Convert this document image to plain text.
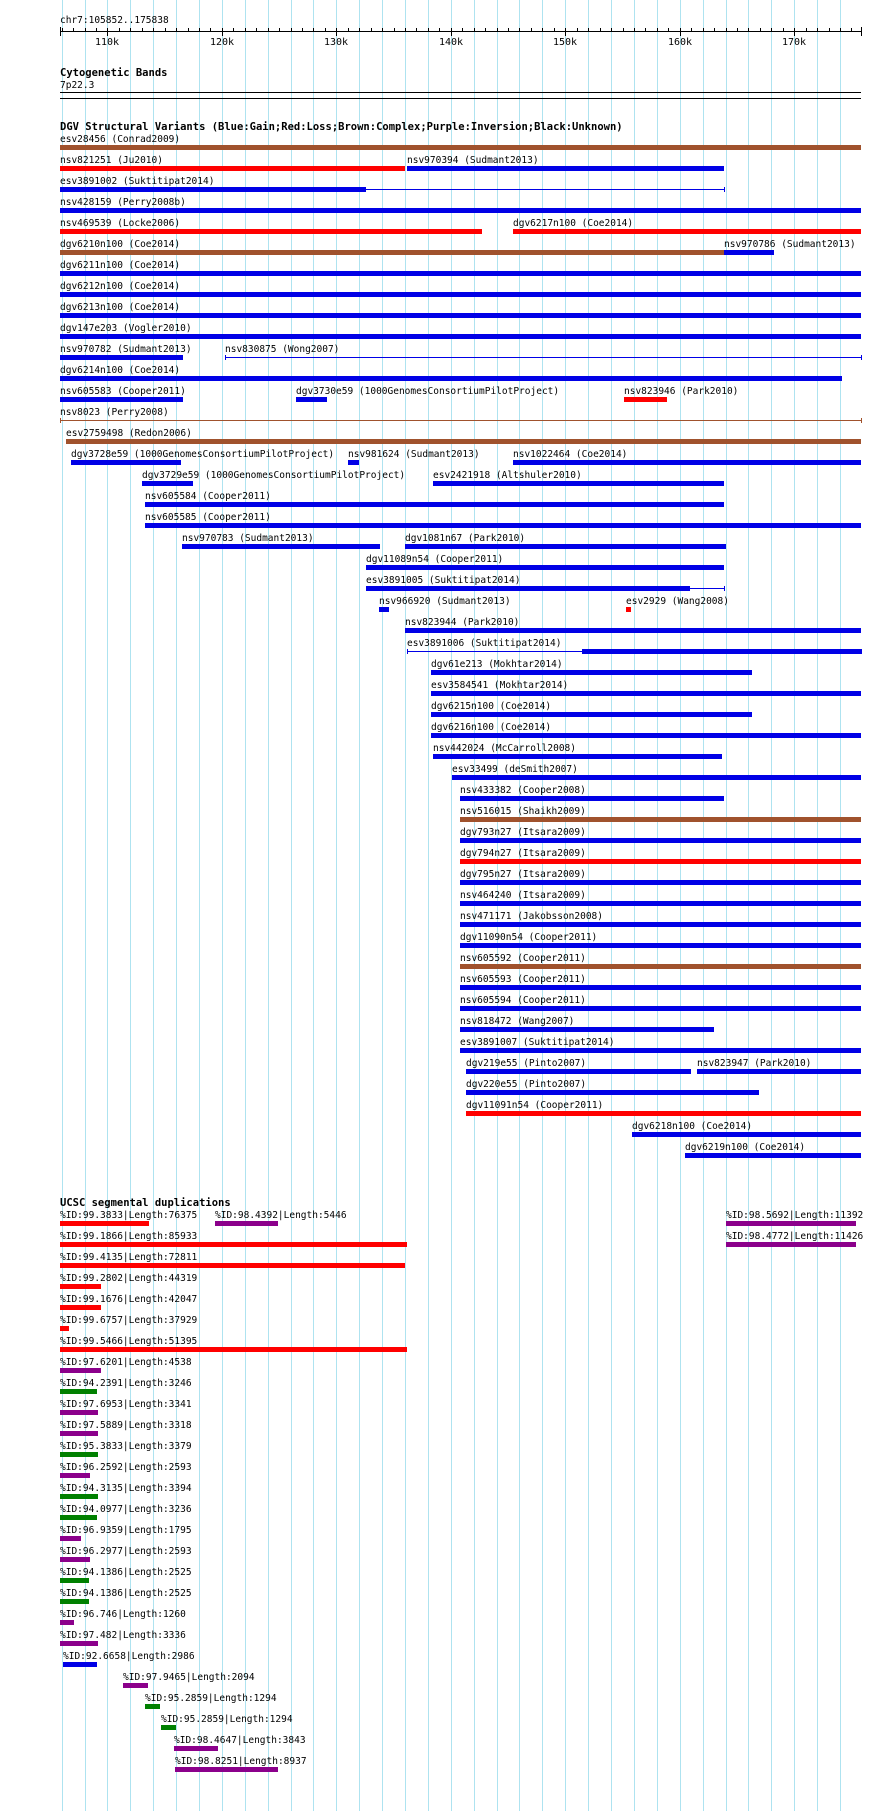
chr7:105852..175838
110k	120k	130k	140k	150k	160k	170k
Cytogenetic Bands
7p22.3
DGV Structural Variants (Blue:Gain;Red:Loss;Brown:Complex;Purple:Inversion;Black:Unknown)
esv28456 (Conrad2009)
nsv821251 (Ju2010)	nsv970394 (Sudmant2013)
esv3891002 (Suktitipat2014)
nsv428159 (Perry2008b)
nsv469539 (Locke2006)	dgv6217n100 (Coe2014)
dgv6210n100 (Coe2014)	nsv970786 (Sudmant2013)
dgv6211n100 (Coe2014)
dgv6212n100 (Coe2014)
dgv6213n100 (Coe2014)
dgv147e203 (Vogler2010)
nsv970782 (Sudmant2013)	nsv830875 (Wong2007)
dgv6214n100 (Coe2014)
nsv605583 (Cooper2011)	dgv3730e59 (1000GenomesConsortiumPilotProject)	nsv823946 (Park2010)
nsv8023 (Perry2008)
esv2759498 (Redon2006)
dgv3728e59 (1000GenomesConsortiumPilotProject) nsv981624 (Sudmant2013)	nsv1022464 (Coe2014)
dgv3729e59 (1000GenomesConsortiumPilotProject)	esv2421918 (Altshuler2010)
nsv605584 (Cooper2011)
nsv605585 (Cooper2011)
nsv970783 (Sudmant2013)	dgv1081n67 (Park2010)
dgv11089n54 (Cooper2011)
esv3891005 (Suktitipat2014)
nsv966920 (Sudmant2013)	esv2929 (Wang2008)
nsv823944 (Park2010)
esv3891006 (Suktitipat2014)
dgv61e213 (Mokhtar2014)
esv3584541 (Mokhtar2014)
dgv6215n100 (Coe2014)
dgv6216n100 (Coe2014)
nsv442024 (McCarroll2008)
esv33499 (deSmith2007)
nsv433382 (Cooper2008)
nsv516015 (Shaikh2009)
dgv793n27 (Itsara2009)
dgv794n27 (Itsara2009)
dgv795n27 (Itsara2009)
nsv464240 (Itsara2009)
nsv471171 (Jakobsson2008)
dgv11090n54 (Cooper2011)
nsv605592 (Cooper2011)
nsv605593 (Cooper2011)
nsv605594 (Cooper2011)
nsv818472 (Wang2007)
esv3891007 (Suktitipat2014)
dgv219e55 (Pinto2007)	nsv823947 (Park2010)
dgv220e55 (Pinto2007)
dgv11091n54 (Cooper2011)
dgv6218n100 (Coe2014)
dgv6219n100 (Coe2014)
UCSC segmental duplications
%ID:99.3833|Length:76375 %ID:98.4392|Length:5446	%ID:98.5692|Length:11392
%ID:99.1866|Length:85933	%ID:98.4772|Length:11426
%ID:99.4135|Length:72811
%ID:99.2802|Length:44319
%ID:99.1676|Length:42047
%ID:99.6757|Length:37929
%ID:99.5466|Length:51395
%ID:97.6201|Length:4538
%ID:94.2391|Length:3246
%ID:97.6953|Length:3341
%ID:97.5889|Length:3318
%ID:95.3833|Length:3379
%ID:96.2592|Length:2593
%ID:94.3135|Length:3394
%ID:94.0977|Length:3236
%ID:96.9359|Length:1795
%ID:96.2977|Length:2593
%ID:94.1386|Length:2525
%ID:94.1386|Length:2525
%ID:96.746|Length:1260
%ID:97.482|Length:3336
%ID:92.6658|Length:2986
%ID:97.9465|Length:2094
%ID:95.2859|Length:1294
%ID:95.2859|Length:1294
%ID:98.4647|Length:3843
%ID:98.8251|Length:8937
